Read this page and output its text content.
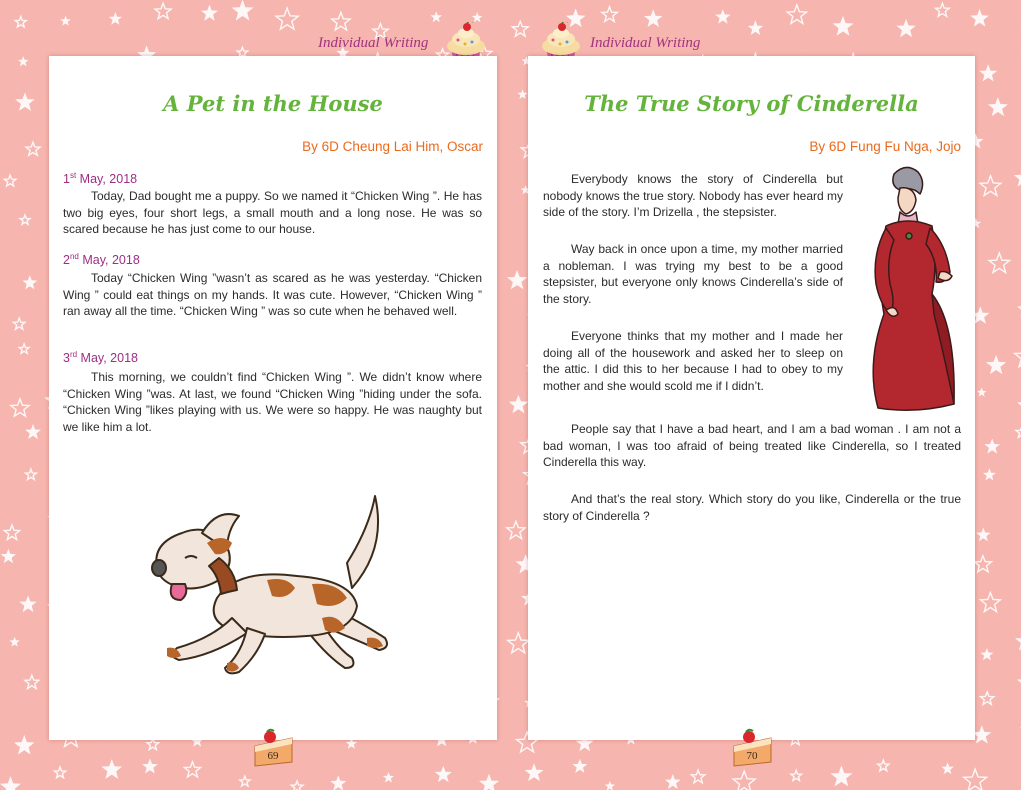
Individual Writing
A Pet in the House
By 6D Cheung Lai Him, Oscar
1st May, 2018

Today, Dad bought me a puppy. So we named it “Chicken Wing ”. He has two big eyes, four short legs, a small mouth and a long nose. He was so scared because he has just come to our house.

2nd May, 2018

Today “Chicken Wing ”wasn’t as scared as he was yesterday. “Chicken Wing ” could eat things on my hands. It was cute. However, “Chicken Wing ” ran away all the time. “Chicken Wing ” was so cute when he behaved well.

3rd May, 2018

This morning, we couldn’t find “Chicken Wing ”. We didn’t know where “Chicken Wing ”was. At last, we found “Chicken Wing ”hiding under the sofa. “Chicken Wing ”likes playing with us. We were so happy. He was naughty but we like him a lot.

69
Individual Writing
The True Story of Cinderella
By 6D Fung Fu Nga, Jojo

Everybody knows the story of Cinderella but nobody knows the true story. Nobody has ever heard my side of the story. I’m Drizella , the stepsister.

Way back in once upon a time, my mother married a nobleman. I was trying my best to be a good stepsister, but everyone only knows Cinderella’s side of the story.

Everyone thinks that my mother and I made her doing all of the housework and asked her to sleep on the attic. I did this to her because I had to obey to my mother and she would scold me if I didn’t.

People say that I have a bad heart, and I am a bad woman . I am not a bad woman, I was too afraid of being treated like Cinderella, so I treated Cinderella this way.

And that’s the real story. Which story do you like, Cinderella or the true story of Cinderella ?

70
